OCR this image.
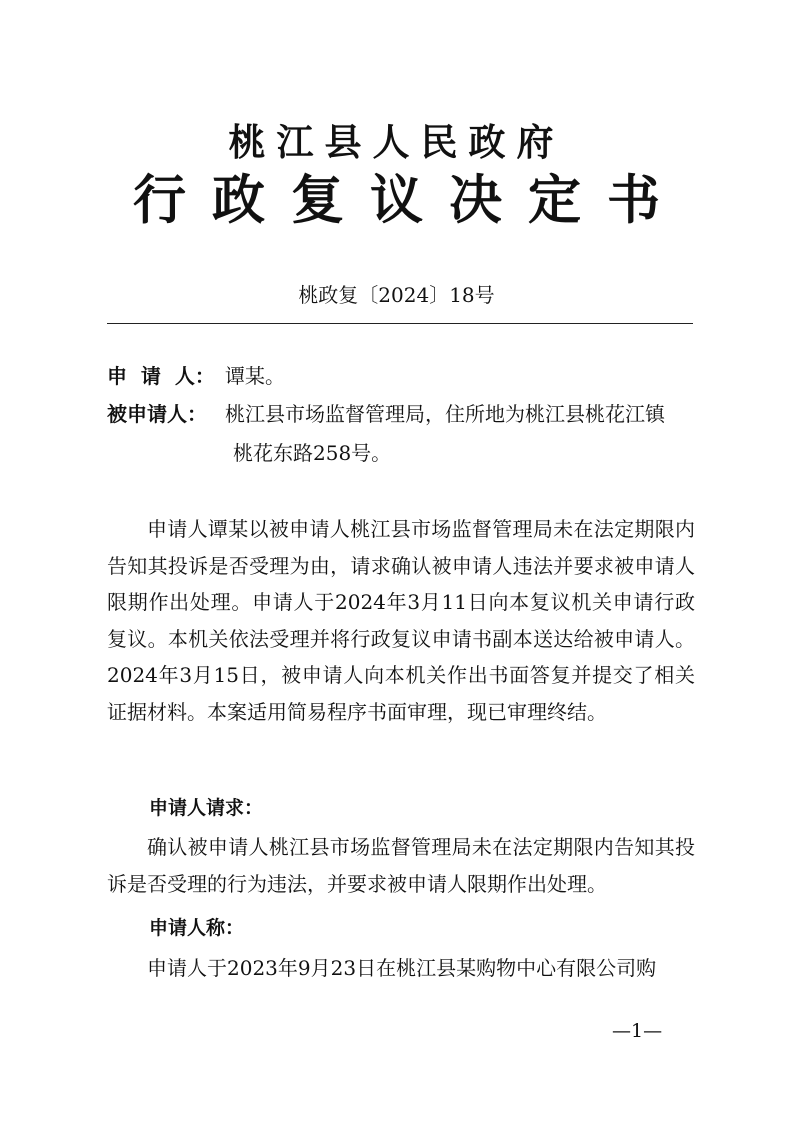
桃江县人民政府
行政复议决定书
桃政复〔2024〕18号
申  请  人： 谭某。
被申请人： 桃江县市场监督管理局，住所地为桃江县桃花江镇
桃花东路258号。

申请人谭某以被申请人桃江县市场监督管理局未在法定期限内告知其投诉是否受理为由，请求确认被申请人违法并要求被申请人限期作出处理。申请人于2024年3月11日向本复议机关申请行政复议。本机关依法受理并将行政复议申请书副本送达给被申请人。2024年3月15日，被申请人向本机关作出书面答复并提交了相关证据材料。本案适用简易程序书面审理，现已审理终结。

申请人请求：

确认被申请人桃江县市场监督管理局未在法定期限内告知其投诉是否受理的行为违法，并要求被申请人限期作出处理。

申请人称：

申请人于2023年9月23日在桃江县某购物中心有限公司购

—1—
